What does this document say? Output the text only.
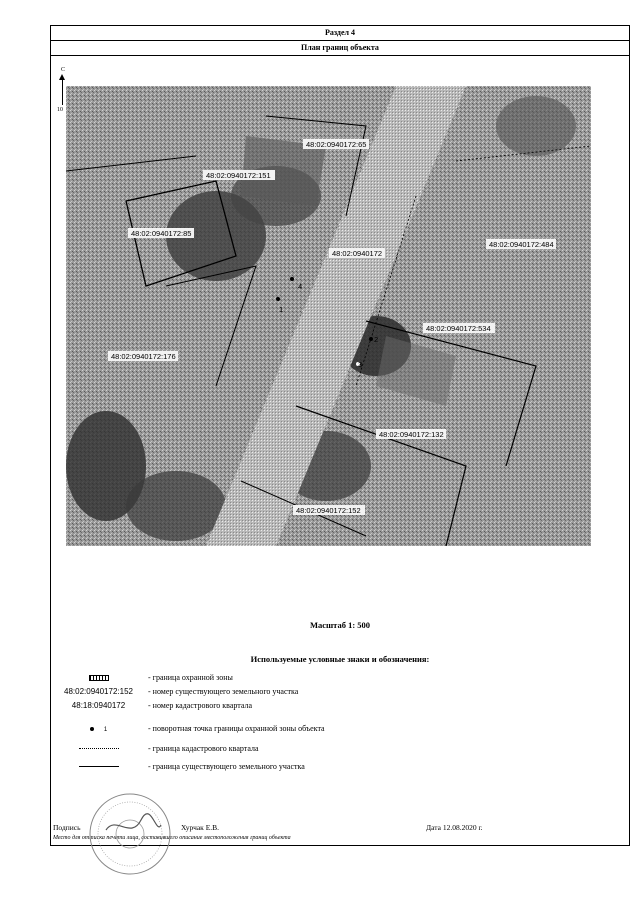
Раздел 4
План границ объекта
С
10
48:02:0940172:65
48:02:0940172:151
48:02:0940172:85
48:02:0940172
48:02:0940172:484
48:02:0940172:534
48:02:0940172:176
48:02:0940172:132
48:02:0940172:152
4
1
2
3
Масштаб 1: 500
Используемые условные знаки и обозначения:
- граница охранной зоны
48:02:0940172:152	- номер существующего земельного участка
48:18:0940172	- номер кадастрового квартала
1	- поворотная точка границы охранной зоны объекта
- граница кадастрового квартала
- граница существующего земельного участка
Подпись	Хурчак Е.В.	Дата 12.08.2020 г.
Место для оттиска печати лица, составившего описание местоположения границ объекта
